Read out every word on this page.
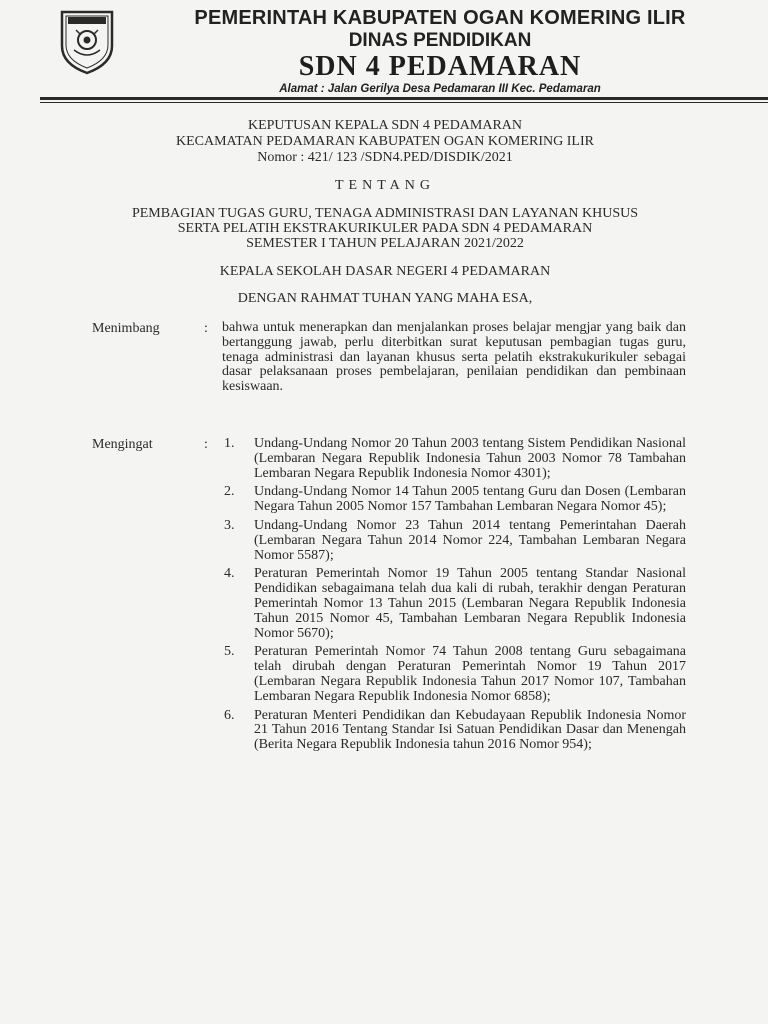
PEMERINTAH KABUPATEN OGAN KOMERING ILIR
DINAS PENDIDIKAN
SDN 4 PEDAMARAN
Alamat : Jalan Gerilya Desa Pedamaran III Kec. Pedamaran
KEPUTUSAN KEPALA SDN 4 PEDAMARAN
KECAMATAN PEDAMARAN KABUPATEN OGAN KOMERING ILIR
Nomor : 421/ 123 /SDN4.PED/DISDIK/2021
TENTANG
PEMBAGIAN TUGAS GURU, TENAGA ADMINISTRASI DAN LAYANAN KHUSUS
SERTA PELATIH EKSTRAKURIKULER PADA SDN 4 PEDAMARAN
SEMESTER I TAHUN PELAJARAN 2021/2022
KEPALA SEKOLAH DASAR NEGERI 4 PEDAMARAN
DENGAN RAHMAT TUHAN YANG MAHA ESA,
Menimbang	: bahwa untuk menerapkan dan menjalankan proses belajar mengjar yang baik dan bertanggung jawab, perlu diterbitkan surat keputusan pembagian tugas guru, tenaga administrasi dan layanan khusus serta pelatih ekstrakukurikuler sebagai dasar pelaksanaan proses pembelajaran, penilaian pendidikan dan pembinaan kesiswaan.
Mengingat	: 1. Undang-Undang Nomor 20 Tahun 2003 tentang Sistem Pendidikan Nasional (Lembaran Negara Republik Indonesia Tahun 2003 Nomor 78 Tambahan Lembaran Negara Republik Indonesia Nomor 4301);
2. Undang-Undang Nomor 14 Tahun 2005 tentang Guru dan Dosen (Lembaran Negara Tahun 2005 Nomor 157 Tambahan Lembaran Negara Nomor 45);
3. Undang-Undang Nomor 23 Tahun 2014 tentang Pemerintahan Daerah (Lembaran Negara Tahun 2014 Nomor 224, Tambahan Lembaran Negara Nomor 5587);
4. Peraturan Pemerintah Nomor 19 Tahun 2005 tentang Standar Nasional Pendidikan sebagaimana telah dua kali di rubah, terakhir dengan Peraturan Pemerintah Nomor 13 Tahun 2015 (Lembaran Negara Republik Indonesia Tahun 2015 Nomor 45, Tambahan Lembaran Negara Republik Indonesia Nomor 5670);
5. Peraturan Pemerintah Nomor 74 Tahun 2008 tentang Guru sebagaimana telah dirubah dengan Peraturan Pemerintah Nomor 19 Tahun 2017 (Lembaran Negara Republik Indonesia Tahun 2017 Nomor 107, Tambahan Lembaran Negara Republik Indonesia Nomor 6858);
6. Peraturan Menteri Pendidikan dan Kebudayaan Republik Indonesia Nomor 21 Tahun 2016 Tentang Standar Isi Satuan Pendidikan Dasar dan Menengah (Berita Negara Republik Indonesia tahun 2016 Nomor 954);
